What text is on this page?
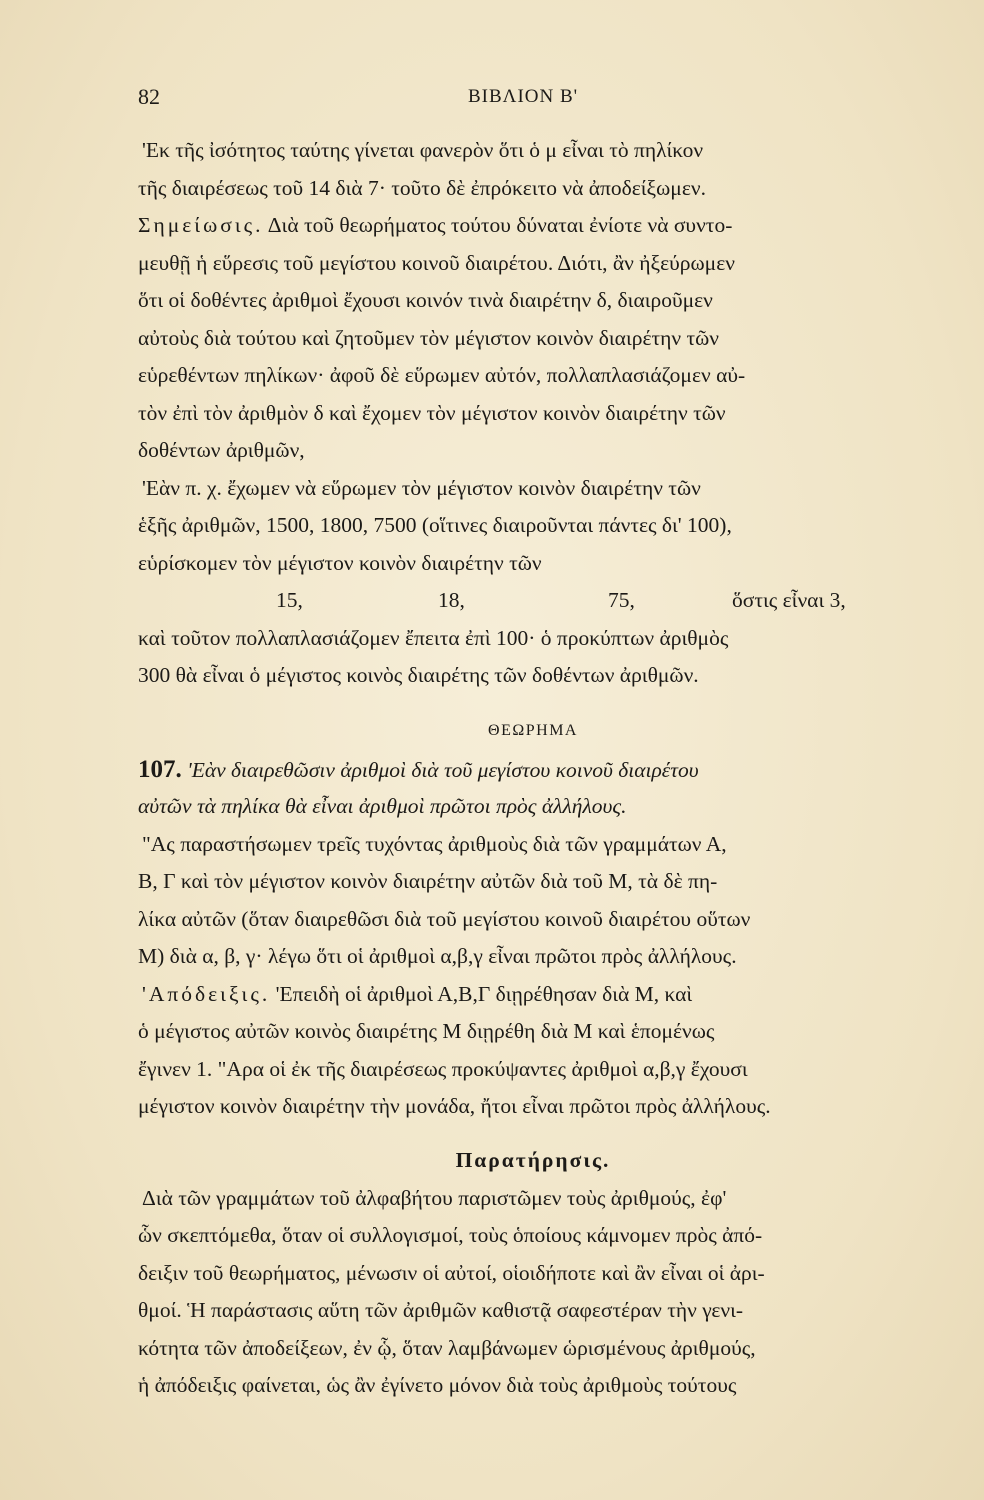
82	ΒΙΒΛΙΟΝ Β'
'Εκ τῆς ἰσότητος ταύτης γίνεται φανερὸν ὅτι ὁ μ εἶναι τὸ πηλίκον
τῆς διαιρέσεως τοῦ 14 διὰ 7· τοῦτο δὲ ἐπρόκειτο νὰ ἀποδείξωμεν.
Σημείωσις. Διὰ τοῦ θεωρήματος τούτου δύναται ἐνίοτε νὰ συντο-
μευθῇ ἡ εὕρεσις τοῦ μεγίστου κοινοῦ διαιρέτου. Διότι, ἂν ἠξεύρωμεν
ὅτι οἱ δοθέντες ἀριθμοὶ ἔχουσι κοινόν τινὰ διαιρέτην δ, διαιροῦμεν
αὐτοὺς διὰ τούτου καὶ ζητοῦμεν τὸν μέγιστον κοινὸν διαιρέτην τῶν
εὑρεθέντων πηλίκων· ἀφοῦ δὲ εὕρωμεν αὐτόν, πολλαπλασιάζομεν αὐ-
τὸν ἐπὶ τὸν ἀριθμὸν δ καὶ ἔχομεν τὸν μέγιστον κοινὸν διαιρέτην τῶν
δοθέντων ἀριθμῶν,
'Εὰν π. χ. ἔχωμεν νὰ εὕρωμεν τὸν μέγιστον κοινὸν διαιρέτην τῶν
ἑξῆς ἀριθμῶν, 1500, 1800, 7500 (οἵτινες διαιροῦνται πάντες δι' 100),
εὑρίσκομεν τὸν μέγιστον κοινὸν διαιρέτην τῶν
15,	18,	75,	ὅστις εἶναι 3,
καὶ τοῦτον πολλαπλασιάζομεν ἔπειτα ἐπὶ 100· ὁ προκύπτων ἀριθμὸς
300 θὰ εἶναι ὁ μέγιστος κοινὸς διαιρέτης τῶν δοθέντων ἀριθμῶν.
ΘΕΩΡΗΜΑ
107. 'Εὰν διαιρεθῶσιν ἀριθμοὶ διὰ τοῦ μεγίστου κοινοῦ διαιρέτου
αὐτῶν τὰ πηλίκα θὰ εἶναι ἀριθμοὶ πρῶτοι πρὸς ἀλλήλους.
"Ας παραστήσωμεν τρεῖς τυχόντας ἀριθμοὺς διὰ τῶν γραμμάτων Α,
Β, Γ καὶ τὸν μέγιστον κοινὸν διαιρέτην αὐτῶν διὰ τοῦ Μ, τὰ δὲ πη-
λίκα αὐτῶν (ὅταν διαιρεθῶσι διὰ τοῦ μεγίστου κοινοῦ διαιρέτου οὕτων
Μ) διὰ α, β, γ· λέγω ὅτι οἱ ἀριθμοὶ α,β,γ εἶναι πρῶτοι πρὸς ἀλλήλους.
'Απόδειξις. 'Επειδὴ οἱ ἀριθμοὶ Α,Β,Γ διῃρέθησαν διὰ Μ, καὶ
ὁ μέγιστος αὐτῶν κοινὸς διαιρέτης Μ διῃρέθη διὰ Μ καὶ ἑπομένως
ἔγινεν 1. "Αρα οἱ ἐκ τῆς διαιρέσεως προκύψαντες ἀριθμοὶ α,β,γ ἔχουσι
μέγιστον κοινὸν διαιρέτην τὴν μονάδα, ἤτοι εἶναι πρῶτοι πρὸς ἀλλήλους.
Παρατήρησις.
Διὰ τῶν γραμμάτων τοῦ ἀλφαβήτου παριστῶμεν τοὺς ἀριθμούς, ἐφ'
ὧν σκεπτόμεθα, ὅταν οἱ συλλογισμοί, τοὺς ὁποίους κάμνομεν πρὸς ἀπό-
δειξιν τοῦ θεωρήματος, μένωσιν οἱ αὐτοί, οἱοιδήποτε καὶ ἂν εἶναι οἱ ἀρι-
θμοί. Ἡ παράστασις αὕτη τῶν ἀριθμῶν καθιστᾷ σαφεστέραν τὴν γενι-
κότητα τῶν ἀποδείξεων, ἐν ᾧ, ὅταν λαμβάνωμεν ὡρισμένους ἀριθμούς,
ἡ ἀπόδειξις φαίνεται, ὡς ἂν ἐγίνετο μόνον διὰ τοὺς ἀριθμοὺς τούτους
